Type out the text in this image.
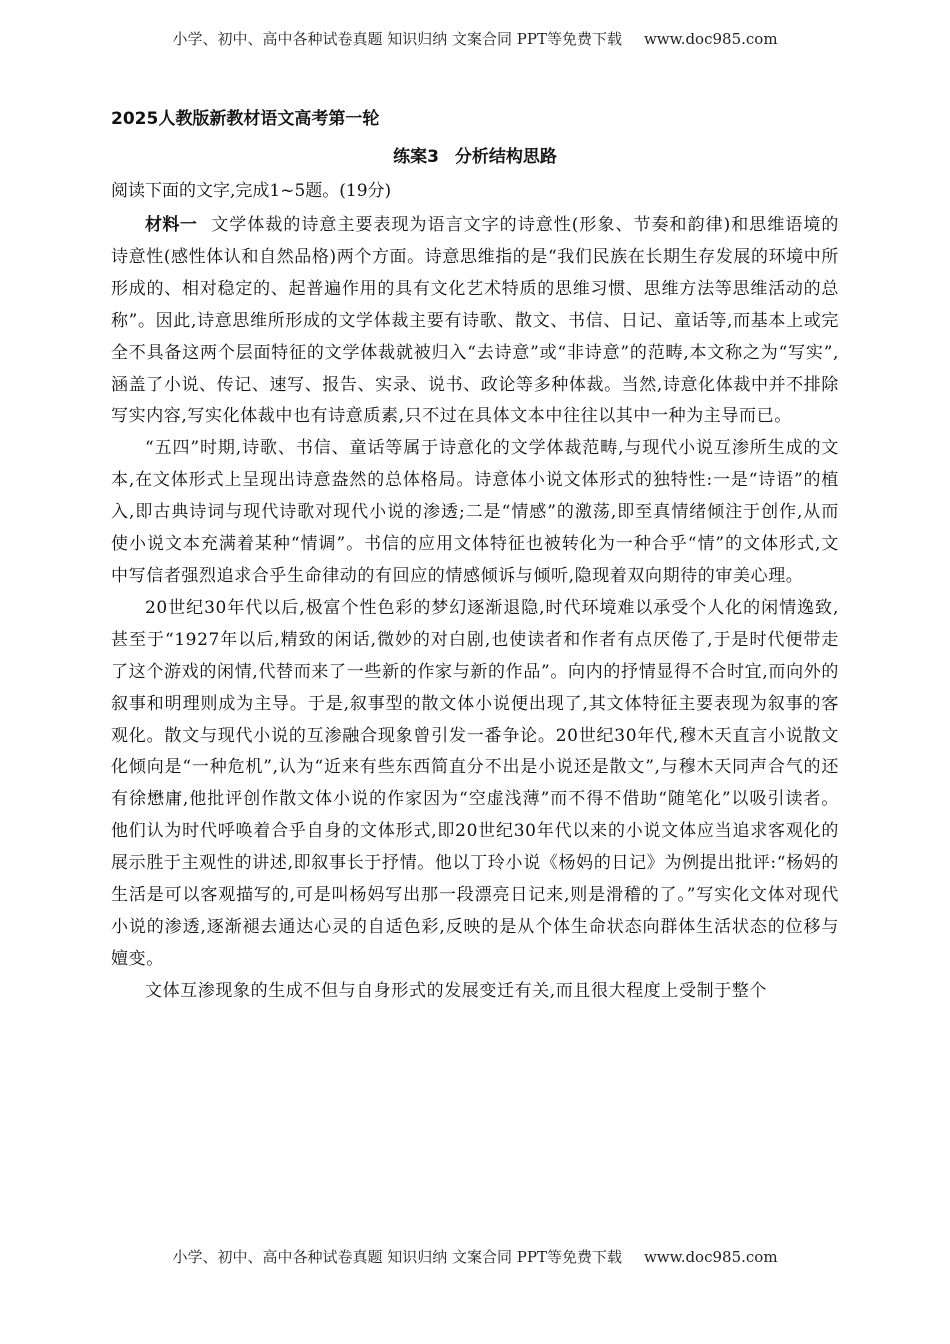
小学、初中、高中各种试卷真题 知识归纳 文案合同 PPT等免费下载 www.doc985.com
2025人教版新教材语文高考第一轮
练案3 分析结构思路
阅读下面的文字,完成1~5题。(19分)

材料一 文学体裁的诗意主要表现为语言文字的诗意性(形象、节奏和韵律)和思维语境的诗意性(感性体认和自然品格)两个方面。诗意思维指的是“我们民族在长期生存发展的环境中所形成的、相对稳定的、起普遍作用的具有文化艺术特质的思维习惯、思维方法等思维活动的总称”。因此,诗意思维所形成的文学体裁主要有诗歌、散文、书信、日记、童话等,而基本上或完全不具备这两个层面特征的文学体裁就被归入“去诗意”或“非诗意”的范畴,本文称之为“写实”,涵盖了小说、传记、速写、报告、实录、说书、政论等多种体裁。当然,诗意化体裁中并不排除写实内容,写实化体裁中也有诗意质素,只不过在具体文本中往往以其中一种为主导而已。

“五四”时期,诗歌、书信、童话等属于诗意化的文学体裁范畴,与现代小说互渗所生成的文本,在文体形式上呈现出诗意盎然的总体格局。诗意体小说文体形式的独特性:一是“诗语”的植入,即古典诗词与现代诗歌对现代小说的渗透;二是“情感”的激荡,即至真情绪倾注于创作,从而使小说文本充满着某种“情调”。书信的应用文体特征也被转化为一种合乎“情”的文体形式,文中写信者强烈追求合乎生命律动的有回应的情感倾诉与倾听,隐现着双向期待的审美心理。

20世纪30年代以后,极富个性色彩的梦幻逐渐退隐,时代环境难以承受个人化的闲情逸致,甚至于“1927年以后,精致的闲话,微妙的对白剧,也使读者和作者有点厌倦了,于是时代便带走了这个游戏的闲情,代替而来了一些新的作家与新的作品”。向内的抒情显得不合时宜,而向外的叙事和明理则成为主导。于是,叙事型的散文体小说便出现了,其文体特征主要表现为叙事的客观化。散文与现代小说的互渗融合现象曾引发一番争论。20世纪30年代,穆木天直言小说散文化倾向是“一种危机”,认为“近来有些东西简直分不出是小说还是散文”,与穆木天同声合气的还有徐懋庸,他批评创作散文体小说的作家因为“空虚浅薄”而不得不借助“随笔化”以吸引读者。他们认为时代呼唤着合乎自身的文体形式,即20世纪30年代以来的小说文体应当追求客观化的展示胜于主观性的讲述,即叙事长于抒情。他以丁玲小说《杨妈的日记》为例提出批评:“杨妈的生活是可以客观描写的,可是叫杨妈写出那一段漂亮日记来,则是滑稽的了。”写实化文体对现代小说的渗透,逐渐褪去通达心灵的自适色彩,反映的是从个体生命状态向群体生活状态的位移与嬗变。

文体互渗现象的生成不但与自身形式的发展变迁有关,而且很大程度上受制于整个

小学、初中、高中各种试卷真题 知识归纳 文案合同 PPT等免费下载 www.doc985.com
